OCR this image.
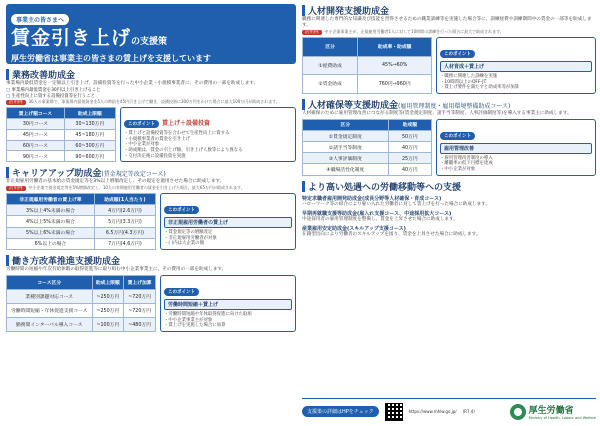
事業主の皆さまへ
賃金引き上げの支援策
厚生労働省は事業主の皆さまの賃上げを支援しています
業務改善助成金
事業場内最低賃金を一定額以上引き上げ、設備投資等を行った中小企業・小規模事業者に、その費用の一部を助成します。
□ 事業場内最低賃金を30円以上引き上げること
□ 生産性向上に資する設備投資等を行うこと
活用例 30人の事業場で、事業場内最低賃金を5人の時給を45円引き上げて働き、設備投資に300万円をかけた場合に最大100万円が助成されます。
賃上げ額コース	助成上限額
30円コース	30~130万円
45円コース	45~180万円
60円コース	60~300万円
90円コース	90~600万円
このポイント 賃上げ＋設備投資
・ 賃上げと設備投資等を合わせて生産性向上に資する
・ 小規模事業者の賃金を引き上げ
・ 中小企業が対象
・ 助成額は、賃金の引上げ額、引き上げ人数等により異なる
・ 交付決定後に設備投資を実施
キャリアアップ助成金(賃金規定等改定コース)
非正規雇用労働者の基本給の賃金規定等を3%以上増額改定し、その規定を適用させた場合に助成します。
活用例 中小企業で賃金規定等を5%増額改定し、10人の有期雇用労働者の賃金を引き上げた場合、最大65万円が助成されます。
非正規雇用労働者の賃上げ率	助成額(1人当たり)
3%以上4%未満の場合	4万円(2.6万円)
4%以上5%未満の場合	5万円(3.3万円)
5%以上6%未満の場合	6.5万円(4.3万円)
6%以上の場合	7万円(4.6万円)
このポイント
非正規雇用労働者の賃上げ
・ 賃金規定等の増額改定
・ 非正規雇用労働者が対象
・ ( )内は大企業の額
働き方改革推進支援助成金
労働時間の短縮や年次有給休暇の取得促進等に取り組む中小企業事業主に、その費用の一部を助成します。
コース区分	助成上限額	賃上げ加算
業種別課題対応コース	~250万円	~720万円
労働時間短縮・年休促進支援コース	~250万円	~720万円
勤務間インターバル導入コース	~100万円	~480万円
このポイント
労働時間短縮＋賃上げ
・ 労働時間短縮や年休取得促進に向けた取組
・ 中小企業事業主が対象
・ 賃上げを実施した場合に加算
人材開発支援助成金
職務に関連した専門的な知識及び技能を習得させるための職業訓練等を実施した場合等に、訓練経費や訓練期間中の賃金の一部等を助成します。
活用例 中小企業事業主が、正規雇用労働者1人に対して10時間の訓練を行った場合に最大で助成されます。
区分	助成率・助成額
①経費助成	45%→60%
②賃金助成	760円→960円
このポイント
人材育成＋賃上げ
・ 職務に関連した訓練を実施
・ 10時間以上のOFF-JT
・ 賃上げ要件を満たすと助成率等が加算
人材確保等支援助成金(雇用管理制度・雇用環境整備助成コース)
人材確保のために雇用管理改善につながる制度等(賃金規定制度、諸手当等制度、人事評価制度等)を導入する事業主に助成します。
区分	助成額
①賃金規定制度	50万円
②諸手当等制度	40万円
③人事評価制度	25万円
④職場活性化制度	40万円
このポイント
雇用管理改善
・ 雇用管理改善制度の導入
・ 離職率の低下目標を達成
・ 中小企業が対象
より高い処遇への労働移動等への支援
特定求職者雇用開発助成金(成長分野等人材確保・育成コース)
ハローワーク等の紹介により雇い入れた労働者に対して賃上げを行った場合に助成します。
早期再就職支援等助成金(雇入れ支援コース、中途採用拡大コース)
中途採用者の雇用管理制度を整備し、賃金を上昇させた場合に助成します。
産業雇用安定助成金(スキルアップ支援コース)
在籍型出向により労働者のスキルアップを図り、賃金を上昇させた場合に助成します。
支援策の詳細はHPをチェック	https://www.mhlw.go.jp/ (R7.4)	厚生労働省
Ministry of Health, Labour and Welfare
